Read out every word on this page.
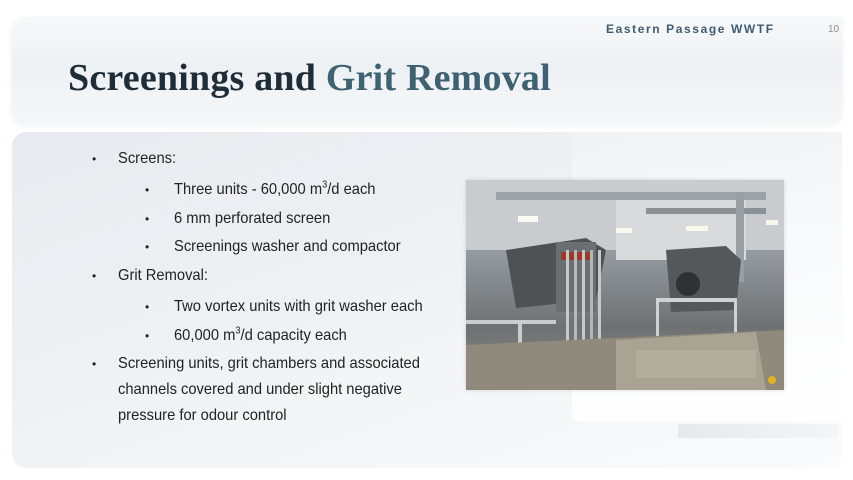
Eastern Passage WWTF	10
Screenings and Grit Removal
• Screens:
• Three units - 60,000 $m^3/d$ each
• 6 mm perforated screen
• Screenings washer and compactor
• Grit Removal:
• Two vortex units with grit washer each
• 60,000 $m^3/d$ capacity each
• Screening units, grit chambers and associated
channels covered and under slight negative
pressure for odour control
